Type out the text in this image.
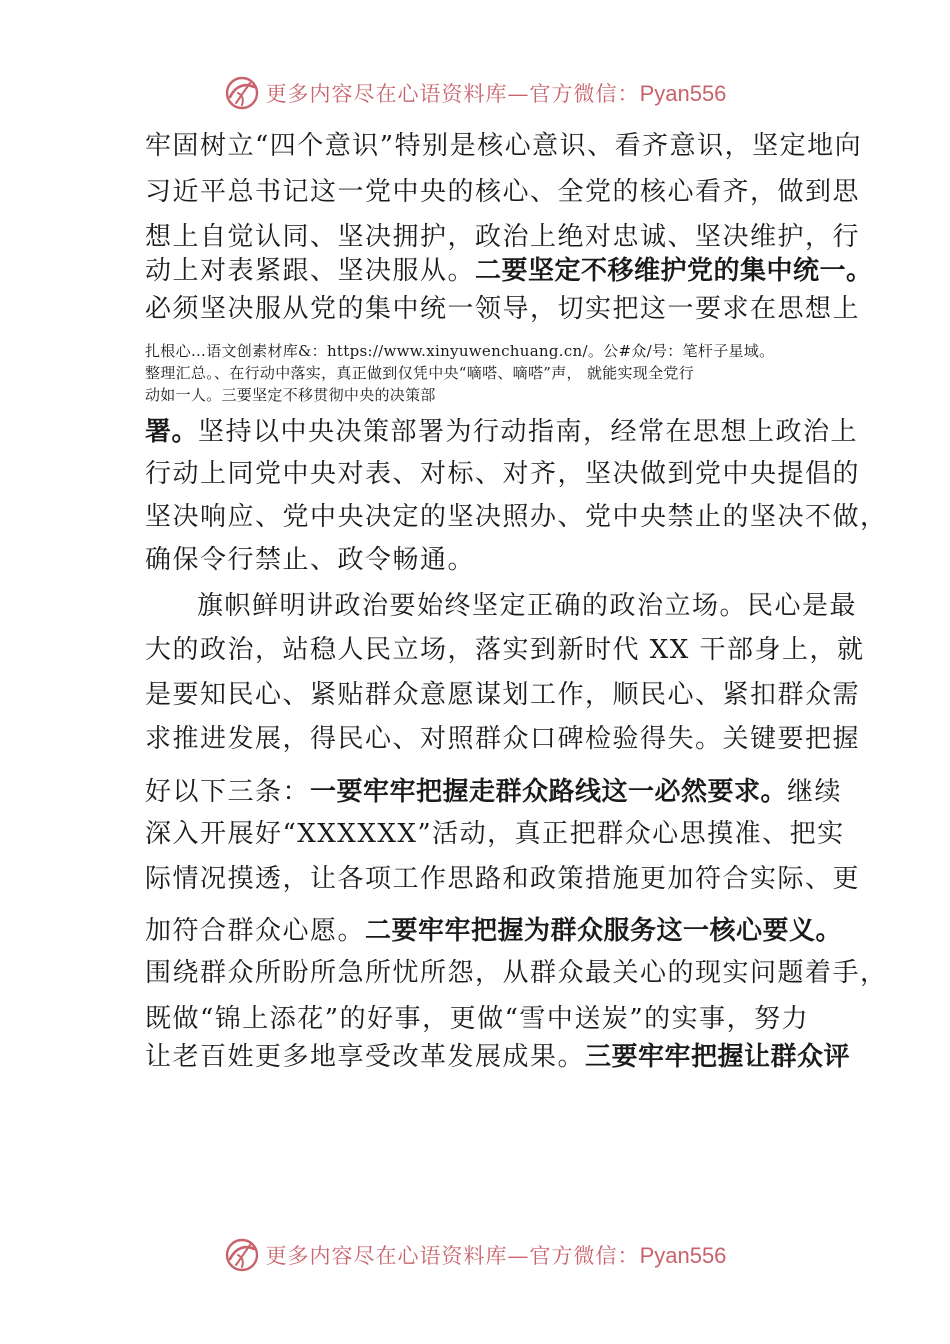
更多内容尽在心语资料库—官方微信：Pyan556
牢固树立“四个意识”特别是核心意识、看齐意识，坚定地向
习近平总书记这一党中央的核心、全党的核心看齐，做到思
想上自觉认同、坚决拥护，政治上绝对忠诚、坚决维护，行
动上对表紧跟、坚决服从。二要坚定不移维护党的集中统一。
必须坚决服从党的集中统一领导，切实把这一要求在思想上
扎根心…语文创素材库&：https://www.xinyuwenchuang.cn/。公#众/号：笔杆子星域。
整理汇总。、在行动中落实，真正做到仅凭中央“嘀嗒、嘀嗒”声， 就能实现全党行
动如一人。三要坚定不移贯彻中央的决策部
署。坚持以中央决策部署为行动指南，经常在思想上政治上
行动上同党中央对表、对标、对齐，坚决做到党中央提倡的
坚决响应、党中央决定的坚决照办、党中央禁止的坚决不做，
确保令行禁止、政令畅通。
旗帜鲜明讲政治要始终坚定正确的政治立场。民心是最
大的政治，站稳人民立场，落实到新时代 XX 干部身上，就
是要知民心、紧贴群众意愿谋划工作，顺民心、紧扣群众需
求推进发展，得民心、对照群众口碑检验得失。关键要把握
好以下三条：一要牢牢把握走群众路线这一必然要求。继续
深入开展好“XXXXXX”活动，真正把群众心思摸准、把实
际情况摸透，让各项工作思路和政策措施更加符合实际、更
加符合群众心愿。二要牢牢把握为群众服务这一核心要义。
围绕群众所盼所急所忧所怨，从群众最关心的现实问题着手，
既做“锦上添花”的好事，更做“雪中送炭”的实事，努力
让老百姓更多地享受改革发展成果。三要牢牢把握让群众评
更多内容尽在心语资料库—官方微信：Pyan556
